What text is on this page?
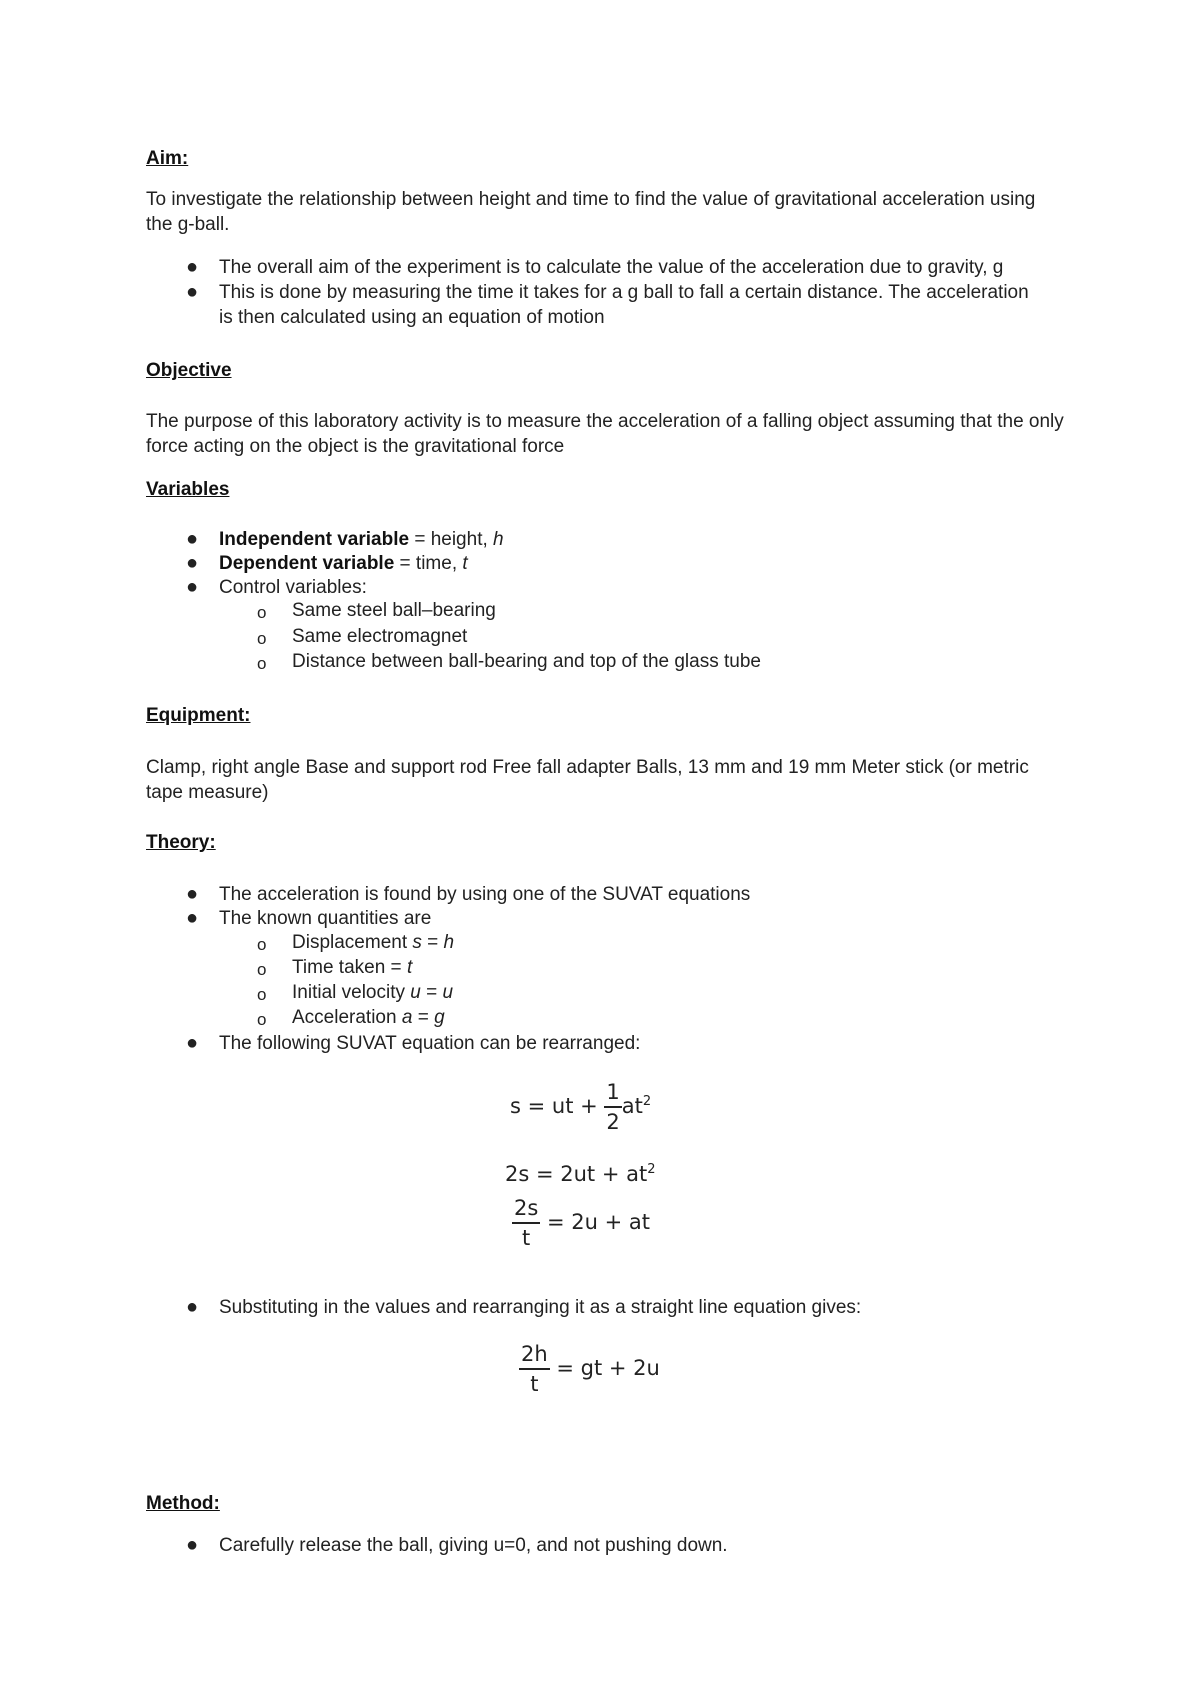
Aim:
To investigate the relationship between height and time to find the value of gravitational acceleration using the g-ball.
● The overall aim of the experiment is to calculate the value of the acceleration due to gravity, g
● This is done by measuring the time it takes for a g ball to fall a certain distance. The acceleration is then calculated using an equation of motion
Objective
The purpose of this laboratory activity is to measure the acceleration of a falling object assuming that the only force acting on the object is the gravitational force
Variables
● Independent variable = height, h
● Dependent variable = time, t
● Control variables:
o Same steel ball–bearing
o Same electromagnet
o Distance between ball-bearing and top of the glass tube
Equipment:
Clamp, right angle Base and support rod Free fall adapter Balls, 13 mm and 19 mm Meter stick (or metric tape measure)
Theory:
● The acceleration is found by using one of the SUVAT equations
● The known quantities are
o Displacement s = h
o Time taken = t
o Initial velocity u = u
o Acceleration a = g
● The following SUVAT equation can be rearranged:
s = ut + $\frac{1}{2} at^2$
$2s = 2ut + at^2$
$\frac{2s}{t} = 2u$ + at
● Substituting in the values and rearranging it as a straight line equation gives:
$\frac{2h}{t}$ = gt + 2u
Method:
● Carefully release the ball, giving u=0, and not pushing down.
